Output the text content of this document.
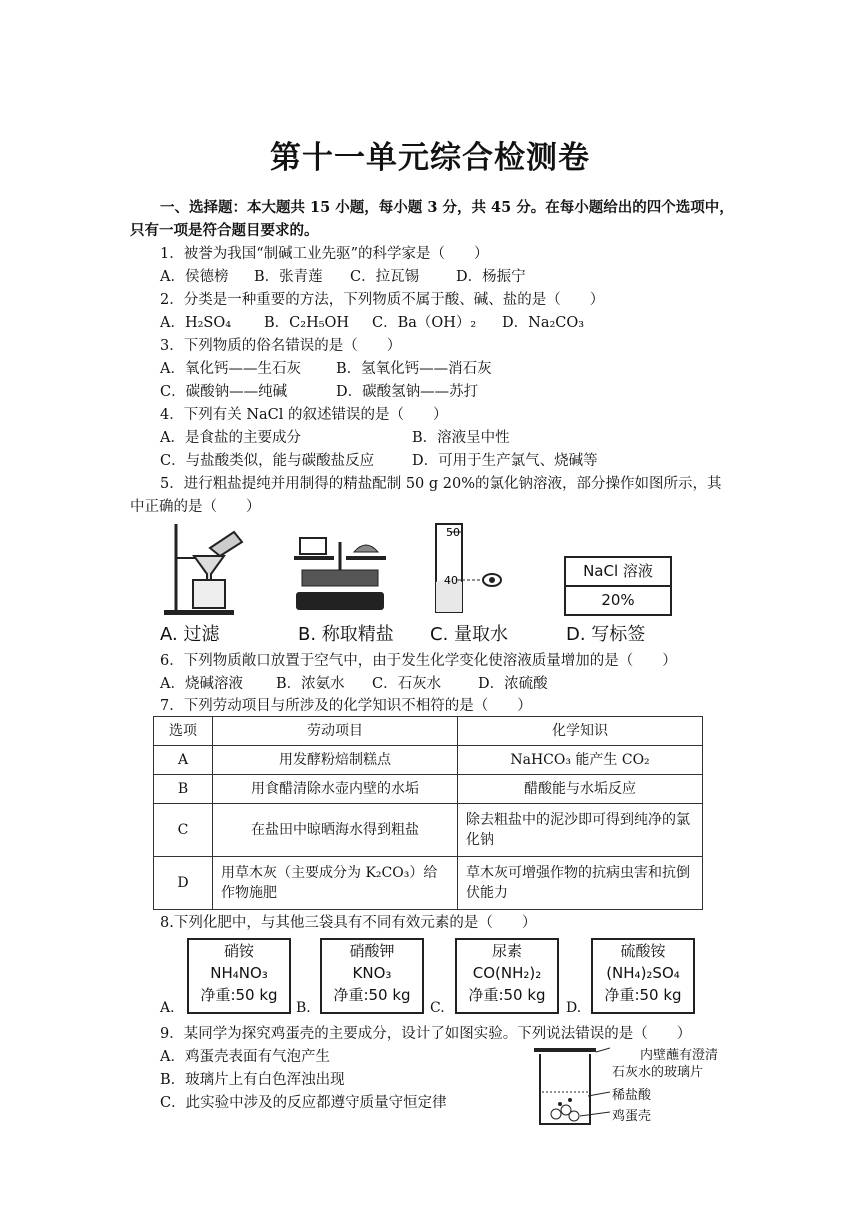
第十一单元综合检测卷
一、选择题：本大题共 15 小题，每小题 3 分，共 45 分。在每小题给出的四个选项中，
只有一项是符合题目要求的。
1．被誉为我国“制碱工业先驱”的科学家是（　　）
A．侯德榜 B．张青莲 C．拉瓦锡	D．杨振宁
2．分类是一种重要的方法，下列物质不属于酸、碱、盐的是（　　）
A．H₂SO₄ B．C₂H₅OH C．Ba（OH）₂ D．Na₂CO₃
3．下列物质的俗名错误的是（　　）
A．氧化钙——生石灰 B．氢氧化钙——消石灰
C．碳酸钠——纯碱	D．碳酸氢钠——苏打
4．下列有关 NaCl 的叙述错误的是（　　）
A．是食盐的主要成分	B．溶液呈中性
C．与盐酸类似，能与碳酸盐反应	D．可用于生产氯气、烧碱等
5．进行粗盐提纯并用制得的精盐配制 50 g 20%的氯化钠溶液，部分操作如图所示，其
中正确的是（　　）
50
40
NaCl 溶液
20%
A. 过滤	B. 称取精盐 C. 量取水	D. 写标签
6．下列物质敞口放置于空气中，由于发生化学变化使溶液质量增加的是（　　）
A．烧碱溶液 B．浓氨水 C．石灰水	D．浓硫酸
7．下列劳动项目与所涉及的化学知识不相符的是（　　）
选项	劳动项目	化学知识
A	用发酵粉焙制糕点	NaHCO₃ 能产生 CO₂
B	用食醋清除水壶内壁的水垢	醋酸能与水垢反应
C	在盐田中晾晒海水得到粗盐	除去粗盐中的泥沙即可得到纯净的氯化钠
D	用草木灰（主要成分为 K₂CO₃）给作物施肥	草木灰可增强作物的抗病虫害和抗倒伏能力
8.下列化肥中，与其他三袋具有不同有效元素的是（　　）
A.
硝铵
NH₄NO₃
净重:50 kg
B.
硝酸钾
KNO₃
净重:50 kg
C.
尿素
CO(NH₂)₂
净重:50 kg
D.
硫酸铵
(NH₄)₂SO₄
净重:50 kg
9．某同学为探究鸡蛋壳的主要成分，设计了如图实验。下列说法错误的是（　　）
A．鸡蛋壳表面有气泡产生
B．玻璃片上有白色浑浊出现
C．此实验中涉及的反应都遵守质量守恒定律
内壁蘸有澄清
石灰水的玻璃片
稀盐酸
鸡蛋壳
